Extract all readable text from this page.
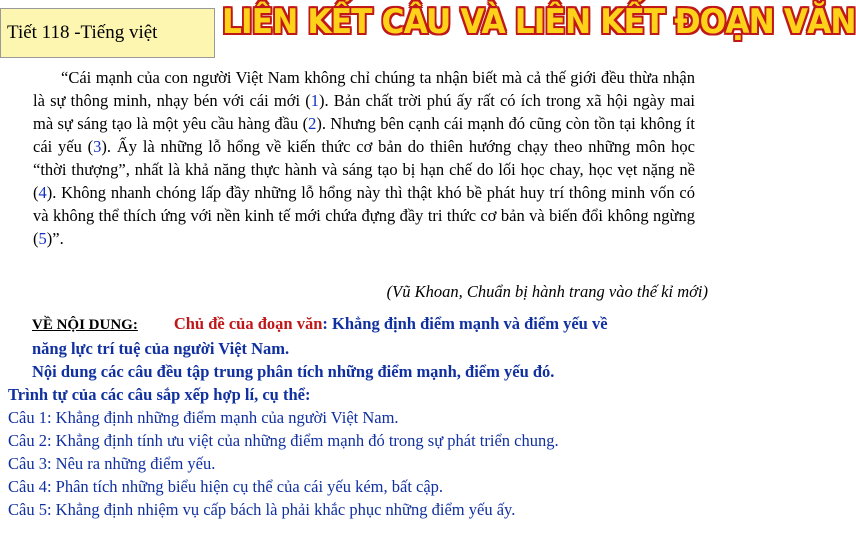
Tiết 118 -Tiếng việt LIÊN KẾT CÂU VÀ LIÊN KẾT ĐOẠN VĂN

“Cái mạnh của con người Việt Nam không chỉ chúng ta nhận biết mà cả thế giới đều thừa nhận là sự thông minh, nhạy bén với cái mới (1). Bản chất trời phú ấy rất có ích trong xã hội ngày mai mà sự sáng tạo là một yêu cầu hàng đầu (2). Nhưng bên cạnh cái mạnh đó cũng còn tồn tại không ít cái yếu (3). Ấy là những lỗ hổng về kiến thức cơ bản do thiên hướng chạy theo những môn học “thời thượng”, nhất là khả năng thực hành và sáng tạo bị hạn chế do lối học chay, học vẹt nặng nề (4). Không nhanh chóng lấp đầy những lỗ hổng này thì thật khó bề phát huy trí thông minh vốn có và không thể thích ứng với nền kinh tế mới chứa đựng đầy tri thức cơ bản và biến đổi không ngừng (5)”.

(Vũ Khoan, Chuẩn bị hành trang vào thế kỉ mới)
VỀ NỘI DUNG: Chủ đề của đoạn văn : Khẳng định điểm mạnh và điểm yếu về
năng lực trí tuệ của người Việt Nam.
Nội dung các câu đều tập trung phân tích những điểm mạnh, điểm yếu đó.
Trình tự của các câu sắp xếp hợp lí, cụ thể:
Câu 1: Khẳng định những điểm mạnh của người Việt Nam.
Câu 2: Khẳng định tính ưu việt của những điểm mạnh đó trong sự phát triển chung.
Câu 3: Nêu ra những điểm yếu.
Câu 4: Phân tích những biểu hiện cụ thể của cái yếu kém, bất cập.
Câu 5: Khẳng định nhiệm vụ cấp bách là phải khắc phục những điểm yếu ấy.
